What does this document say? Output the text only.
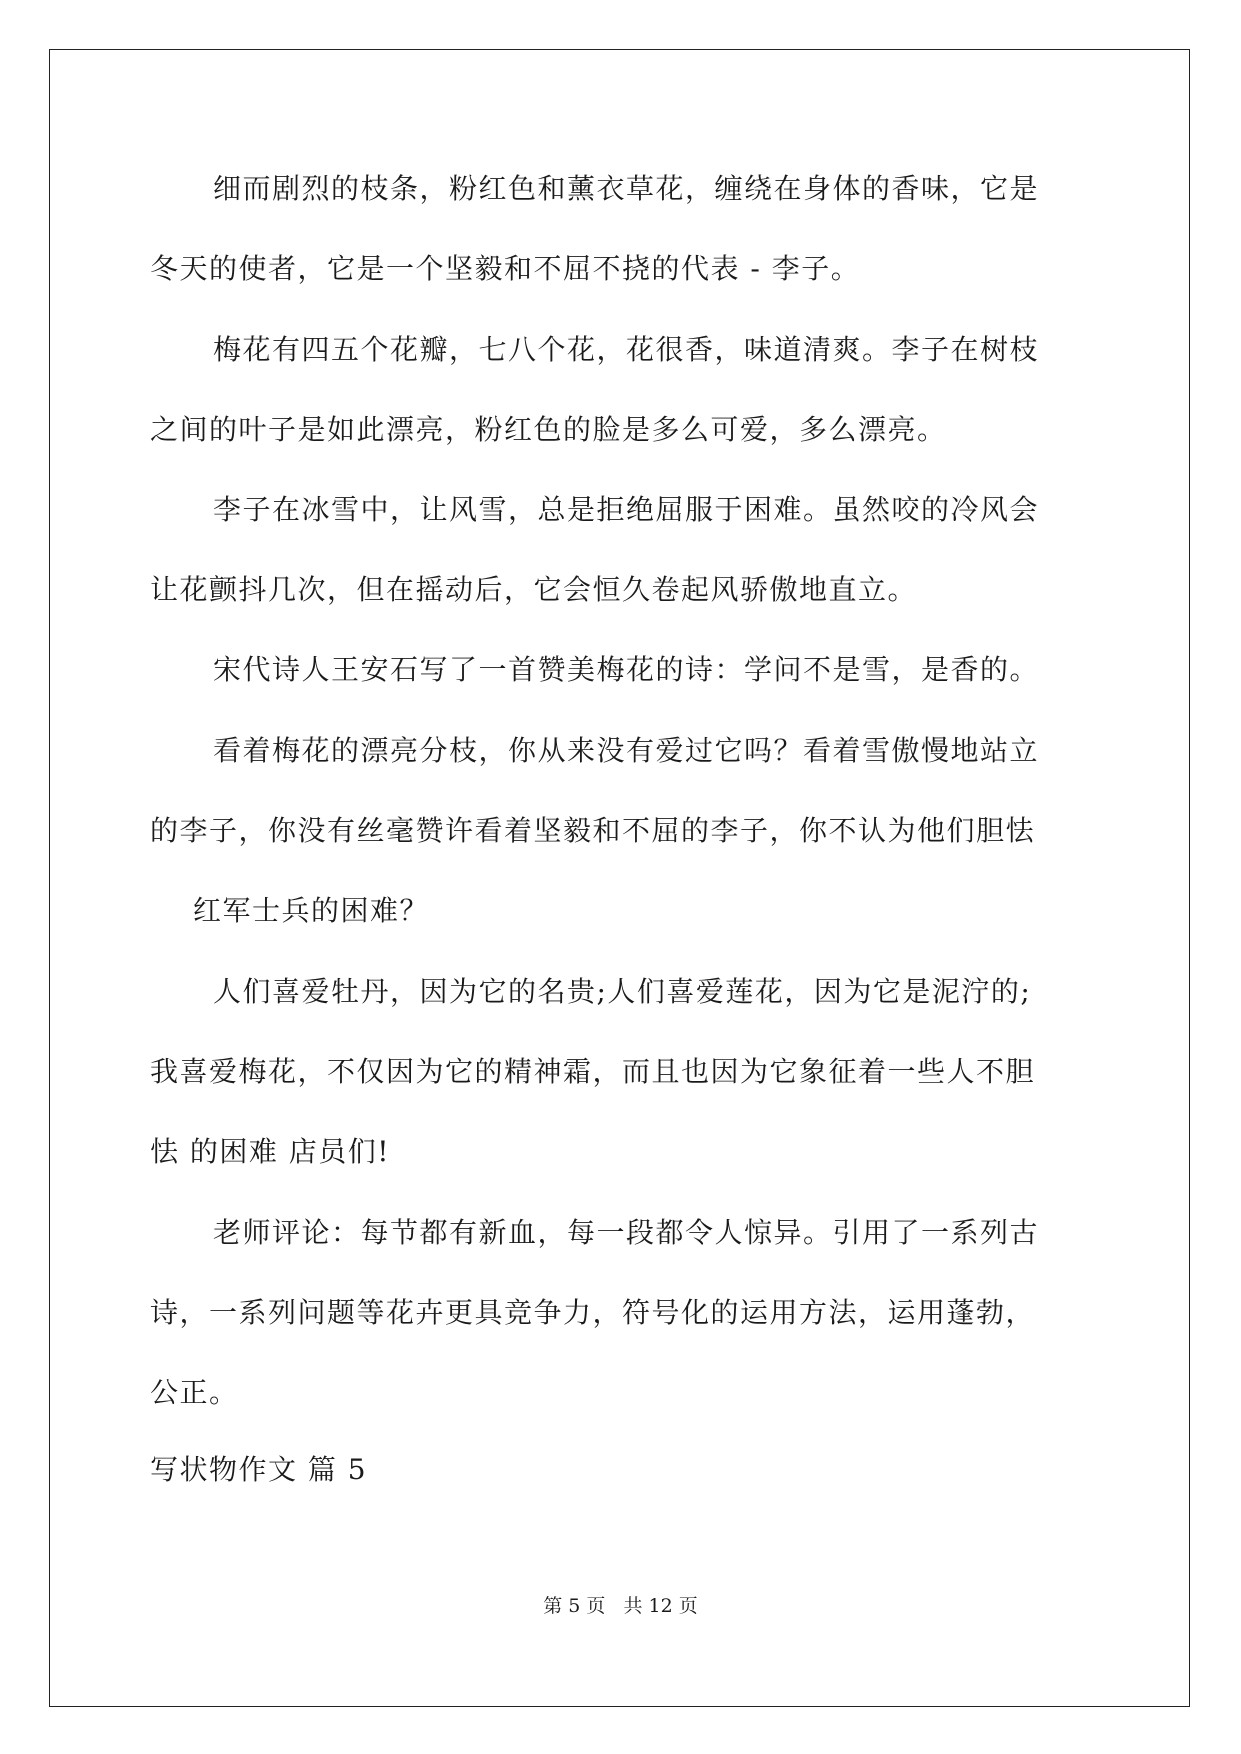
细而剧烈的枝条，粉红色和薰衣草花，缠绕在身体的香味，它是
冬天的使者，它是一个坚毅和不屈不挠的代表 - 李子。
梅花有四五个花瓣，七八个花，花很香，味道清爽。李子在树枝
之间的叶子是如此漂亮，粉红色的脸是多么可爱，多么漂亮。
李子在冰雪中，让风雪，总是拒绝屈服于困难。虽然咬的冷风会
让花颤抖几次，但在摇动后，它会恒久卷起风骄傲地直立。
宋代诗人王安石写了一首赞美梅花的诗：学问不是雪，是香的。
看着梅花的漂亮分枝，你从来没有爱过它吗？看着雪傲慢地站立
的李子，你没有丝毫赞许看着坚毅和不屈的李子，你不认为他们胆怯
红军士兵的困难？
人们喜爱牡丹，因为它的名贵;人们喜爱莲花，因为它是泥泞的;
我喜爱梅花，不仅因为它的精神霜，而且也因为它象征着一些人不胆
怯 的困难 店员们!
老师评论：每节都有新血，每一段都令人惊异。引用了一系列古
诗，一系列问题等花卉更具竞争力，符号化的运用方法，运用蓬勃，
公正。
写状物作文 篇 5
第 5 页 共 12 页
